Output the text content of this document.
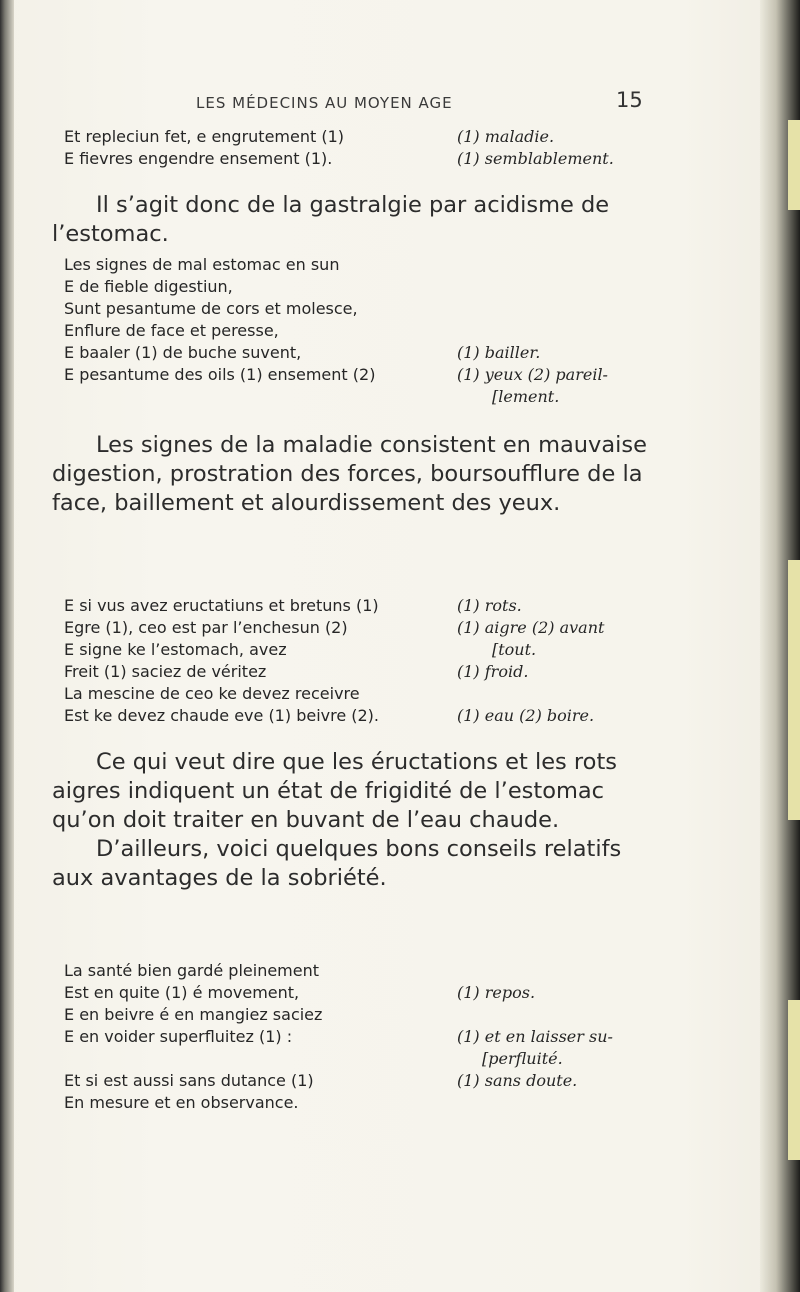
LES MÉDECINS AU MOYEN AGE	15
Et repleciun fet, e engrutement (1)	(1) maladie.
E fievres engendre ensement (1).	(1) semblablement.

Il s’agit donc de la gastralgie par acidisme de l’estomac.

Les signes de mal estomac en sun
E de fieble digestiun,
Sunt pesantume de cors et molesce,
Enflure de face et peresse,
E baaler (1) de buche suvent,	(1) bailler.
E pesantume des oils (1) ensement (2)	(1) yeux (2) pareil-
[lement.

Les signes de la maladie consistent en mauvaise digestion, prostration des forces, boursoufflure de la face, baillement et alourdissement des yeux.

E si vus avez eructatiuns et bretuns (1)	(1) rots.
Egre (1), ceo est par l’enchesun (2)	(1) aigre (2) avant
E signe ke l’estomach, avez	[tout.
Freit (1) saciez de véritez	(1) froid.
La mescine de ceo ke devez receivre
Est ke devez chaude eve (1) beivre (2).	(1) eau (2) boire.

Ce qui veut dire que les éructations et les rots aigres indiquent un état de frigidité de l’estomac qu’on doit traiter en buvant de l’eau chaude.

D’ailleurs, voici quelques bons conseils relatifs aux avantages de la sobriété.

La santé bien gardé pleinement
Est en quite (1) é movement,	(1) repos.
E en beivre é en mangiez saciez
E en voider superfluitez (1) :	(1) et en laisser su-
[perfluité.
Et si est aussi sans dutance (1)	(1) sans doute.
En mesure et en observance.
